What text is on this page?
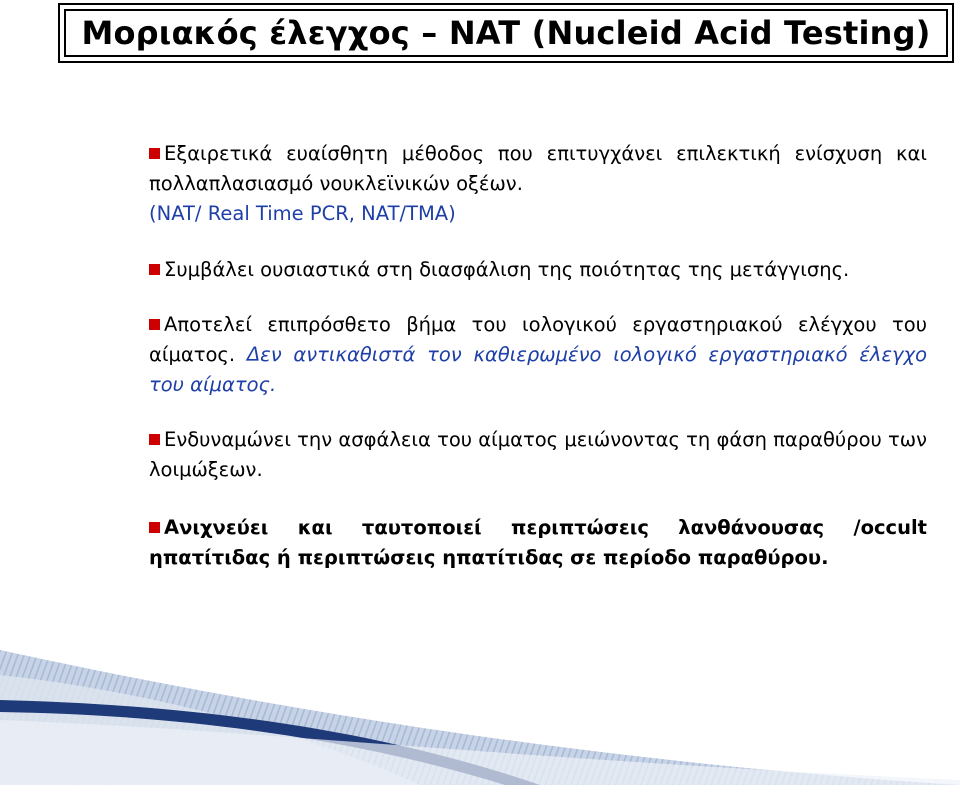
Μοριακός έλεγχος – NAT (Nucleid Acid Testing)
Εξαιρετικά ευαίσθητη μέθοδος που επιτυγχάνει επιλεκτική ενίσχυση και πολλαπλασιασμό νουκλεϊνικών οξέων.
(NAT/ Real Time PCR, NAT/TMA)
Συμβάλει ουσιαστικά στη διασφάλιση της ποιότητας της μετάγγισης.
Αποτελεί επιπρόσθετο βήμα του ιολογικού εργαστηριακού ελέγχου του αίματος. Δεν αντικαθιστά τον καθιερωμένο ιολογικό εργαστηριακό έλεγχο του αίματος.
Ενδυναμώνει την ασφάλεια του αίματος μειώνοντας τη φάση παραθύρου των λοιμώξεων.
Ανιχνεύει και ταυτοποιεί περιπτώσεις λανθάνουσας /occult ηπατίτιδας ή περιπτώσεις ηπατίτιδας σε περίοδο παραθύρου.
